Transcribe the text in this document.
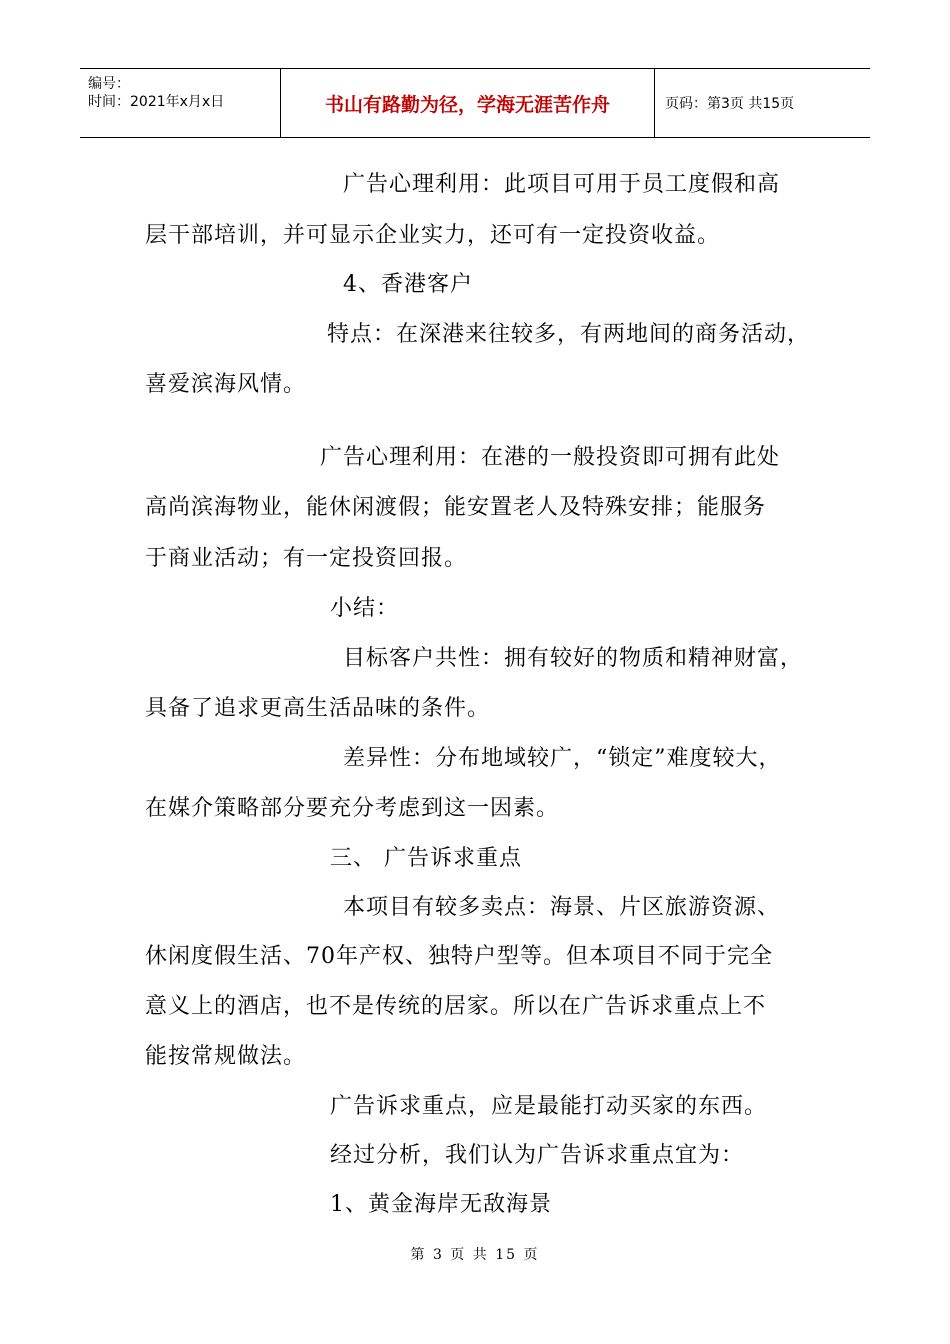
编号：
时间：2021年x月x日	书山有路勤为径，学海无涯苦作舟	页码：第3页 共15页
广告心理利用：此项目可用于员工度假和高
层干部培训，并可显示企业实力，还可有一定投资收益。
4、香港客户
特点：在深港来往较多，有两地间的商务活动，
喜爱滨海风情。
广告心理利用：在港的一般投资即可拥有此处
高尚滨海物业，能休闲渡假；能安置老人及特殊安排；能服务
于商业活动；有一定投资回报。
小结：
目标客户共性：拥有较好的物质和精神财富，
具备了追求更高生活品味的条件。
差异性：分布地域较广，“锁定”难度较大，
在媒介策略部分要充分考虑到这一因素。
三、 广告诉求重点
本项目有较多卖点：海景、片区旅游资源、
休闲度假生活、70年产权、独特户型等。但本项目不同于完全
意义上的酒店，也不是传统的居家。所以在广告诉求重点上不
能按常规做法。
广告诉求重点，应是最能打动买家的东西。
经过分析，我们认为广告诉求重点宜为：
1、黄金海岸无敌海景
第 3 页 共 15 页
